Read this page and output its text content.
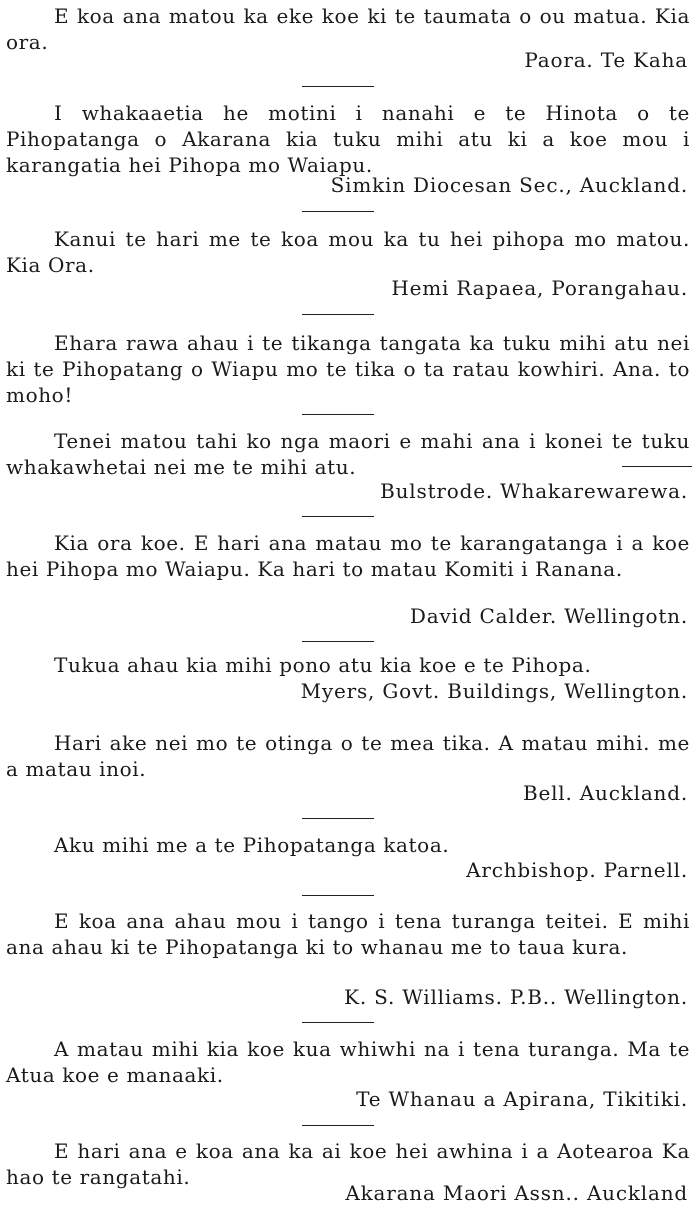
E koa ana matou ka eke koe ki te taumata o ou matua. Kia ora.

Paora. Te Kaha

I whakaaetia he motini i nanahi e te Hinota o te Pihopatanga o Akarana kia tuku mihi atu ki a koe mou i karangatia hei Pihopa mo Waiapu.

Simkin Diocesan Sec., Auckland.

Kanui te hari me te koa mou ka tu hei pihopa mo matou. Kia Ora.

Hemi Rapaea, Porangahau.

Ehara rawa ahau i te tikanga tangata ka tuku mihi atu nei ki te Pihopatang o Wiapu mo te tika o ta ratau kowhiri. Ana. to moho!

Tenei matou tahi ko nga maori e mahi ana i konei te tuku whakawhetai nei me te mihi atu.

Bulstrode. Whakarewarewa.

Kia ora koe. E hari ana matau mo te karangatanga i a koe hei Pihopa mo Waiapu. Ka hari to matau Komiti i Ranana.

David Calder. Wellingotn.

Tukua ahau kia mihi pono atu kia koe e te Pihopa.

Myers, Govt. Buildings, Wellington.

Hari ake nei mo te otinga o te mea tika. A matau mihi. me a matau inoi.

Bell. Auckland.

Aku mihi me a te Pihopatanga katoa.

Archbishop. Parnell.

E koa ana ahau mou i tango i tena turanga teitei. E mihi ana ahau ki te Pihopatanga ki to whanau me to taua kura.

K. S. Williams. P.B.. Wellington.

A matau mihi kia koe kua whiwhi na i tena turanga. Ma te Atua koe e manaaki.

Te Whanau a Apirana, Tikitiki.

E hari ana e koa ana ka ai koe hei awhina i a Aotearoa Ka hao te rangatahi.

Akarana Maori Assn.. Auckland
